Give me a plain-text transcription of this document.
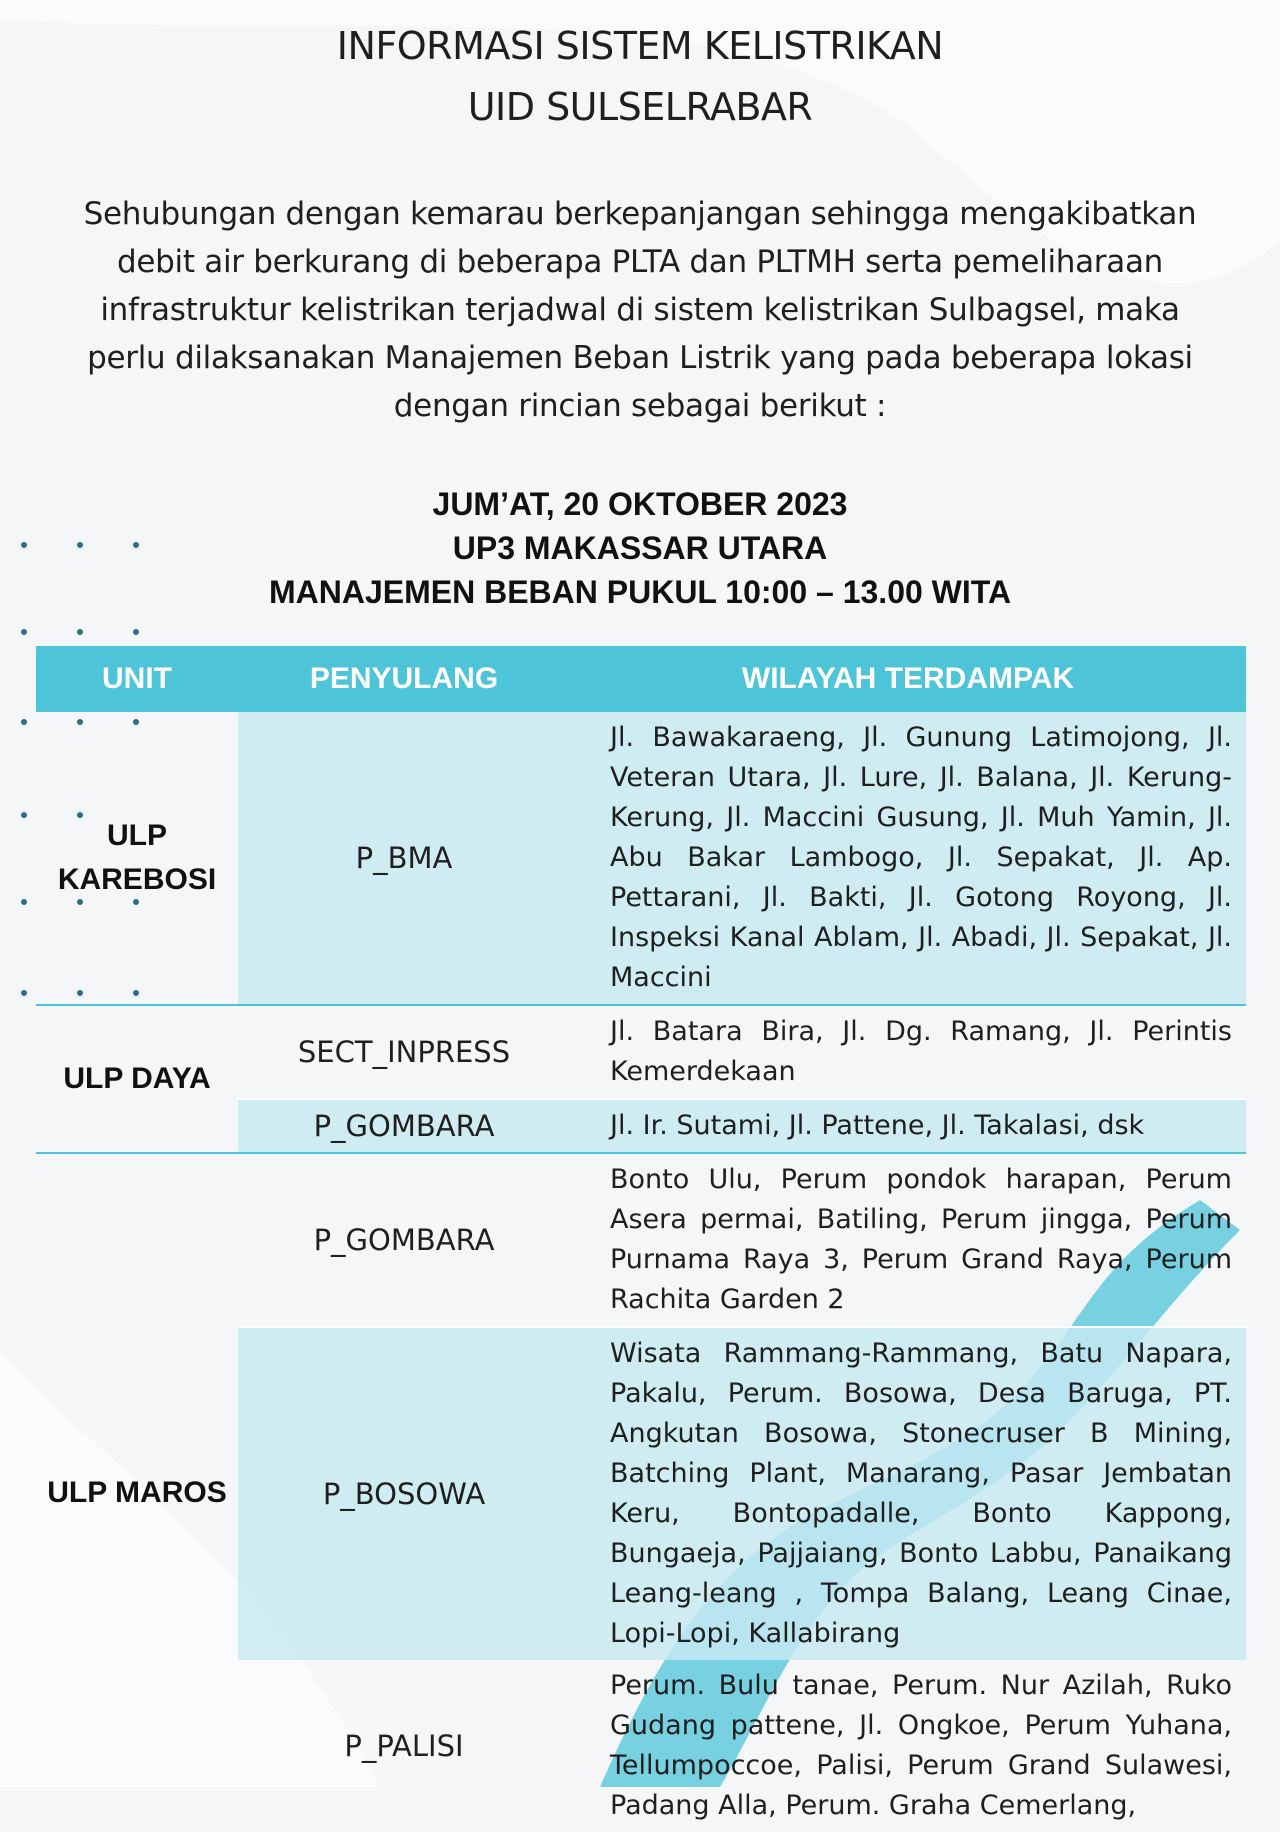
INFORMASI SISTEM KELISTRIKAN
UID SULSELRABAR
Sehubungan dengan kemarau berkepanjangan sehingga mengakibatkan debit air berkurang di beberapa PLTA dan PLTMH serta pemeliharaan infrastruktur kelistrikan terjadwal di sistem kelistrikan Sulbagsel, maka perlu dilaksanakan Manajemen Beban Listrik yang pada beberapa lokasi dengan rincian sebagai berikut :
JUM’AT, 20 OKTOBER 2023
UP3 MAKASSAR UTARA
MANAJEMEN BEBAN PUKUL 10:00 – 13.00 WITA
UNIT	PENYULANG	WILAYAH TERDAMPAK
ULP KAREBOSI	P_BMA	Jl. Bawakaraeng, Jl. Gunung Latimojong, Jl. Veteran Utara, Jl. Lure, Jl. Balana, Jl. Kerung-Kerung, Jl. Maccini Gusung, Jl. Muh Yamin, Jl. Abu Bakar Lambogo, Jl. Sepakat, Jl. Ap. Pettarani, Jl. Bakti, Jl. Gotong Royong, Jl. Inspeksi Kanal Ablam, Jl. Abadi, Jl. Sepakat, Jl. Maccini
ULP DAYA	SECT_INPRESS	Jl. Batara Bira, Jl. Dg. Ramang, Jl. Perintis Kemerdekaan
	P_GOMBARA	Jl. Ir. Sutami, Jl. Pattene, Jl. Takalasi, dsk
ULP MAROS	P_GOMBARA	Bonto Ulu, Perum pondok harapan, Perum Asera permai, Batiling, Perum jingga, Perum Purnama Raya 3, Perum Grand Raya, Perum Rachita Garden 2
	P_BOSOWA	Wisata Rammang-Rammang, Batu Napara, Pakalu, Perum. Bosowa, Desa Baruga, PT. Angkutan Bosowa, Stonecruser B Mining, Batching Plant, Manarang, Pasar Jembatan Keru, Bontopadalle, Bonto Kappong, Bungaeja, Pajjaiang, Bonto Labbu, Panaikang Leang-leang , Tompa Balang, Leang Cinae, Lopi-Lopi, Kallabirang
	P_PALISI	Perum. Bulu tanae, Perum. Nur Azilah, Ruko Gudang pattene, Jl. Ongkoe, Perum Yuhana, Tellumpoccoe, Palisi, Perum Grand Sulawesi, Padang Alla, Perum. Graha Cemerlang,
